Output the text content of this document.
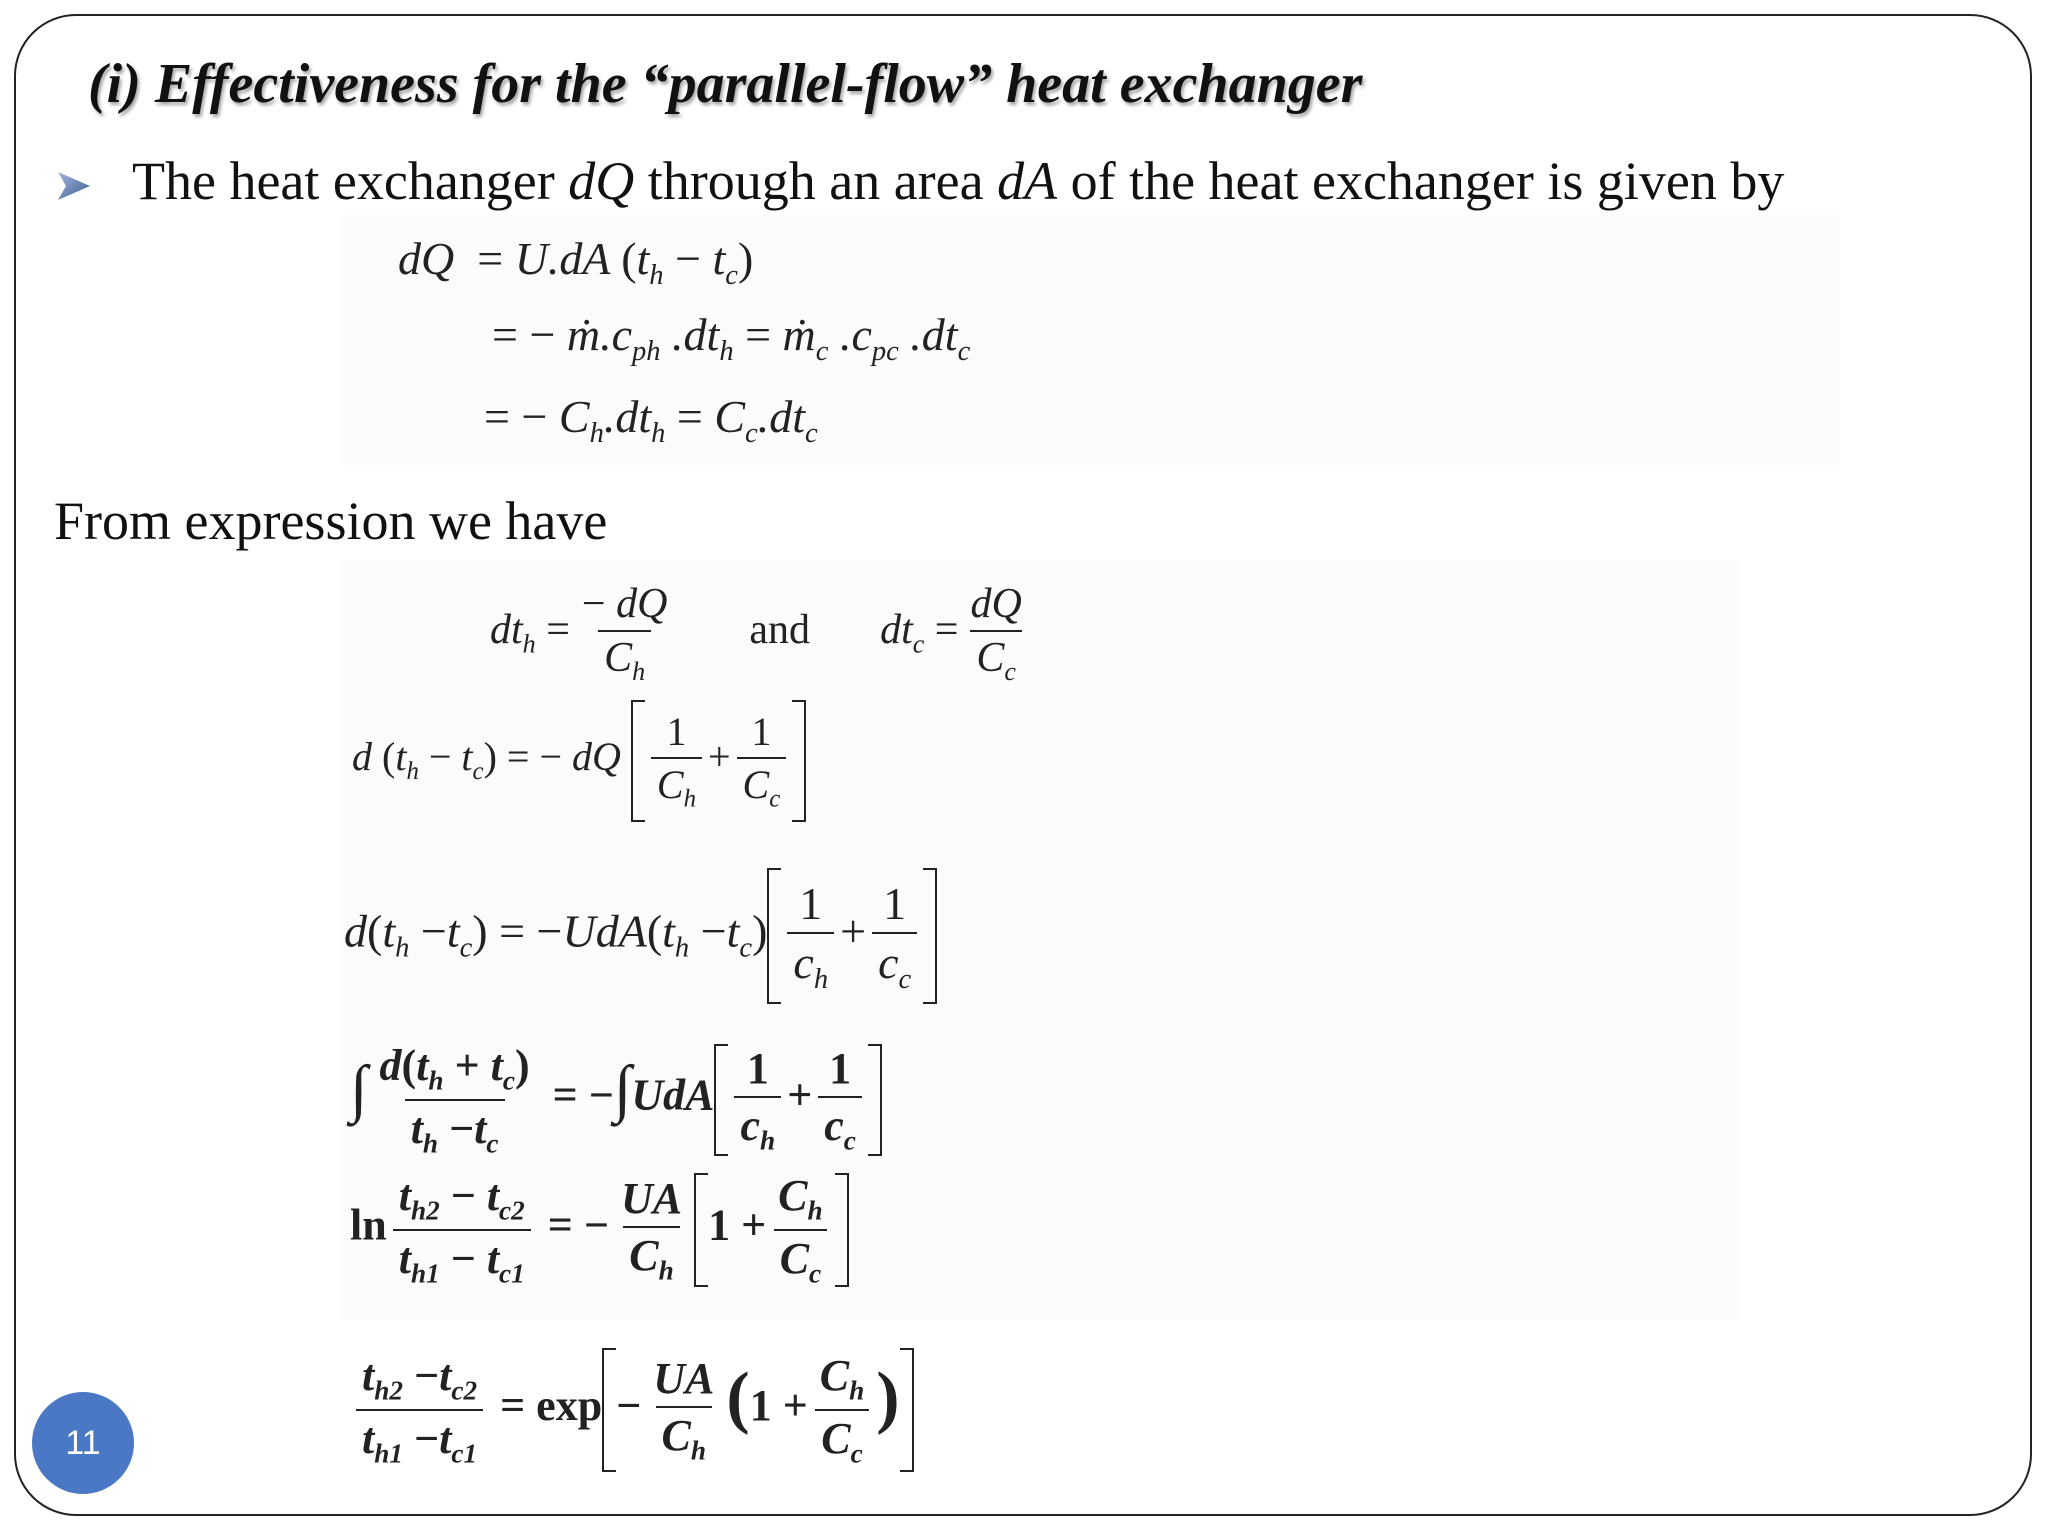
(i) Effectiveness for the “parallel-flow” heat exchanger
The heat exchanger dQ through an area dA of the heat exchanger is given by
dQ  = U.dA $(t_h - t_c)$
= − $ṁ.c_{ph}$ $.dt_h$ = ṁ$_c$ $.c_{pc}$ $.dt_c$
= − $C_h.dt_h = C_c.dt_c$
From expression we have
$dt_h = \frac{- dQ}{C_h}$ and $dt_c = \frac{dQ}{C_c}$
d $(t_h - t_c)$ = − dQ $\frac{1}{C_h} + \frac{1}{C_c}$
$d(t_h -t_c) = -UdA(t_h -t_c) \frac{1}{c_h} + \frac{1}{c_c}$
∫ $\frac{d(t_h + t_c)}{t_h -t_c} = -\int UdA \frac{1}{c_h} + \frac{1}{c_c}$
$\ln \frac{t_{h2} - t_{c2}}{t_{h1} - t_{c1}}$ = − $\frac{UA}{C_h} 1 + \frac{C_h}{C_c}$
$\frac{t_{h2} -t_{c2}}{t_{h1} -t_{c1}} = \exp - \frac{UA}{C_h} (1 + \frac{C_h}{C_c}$ )
11
